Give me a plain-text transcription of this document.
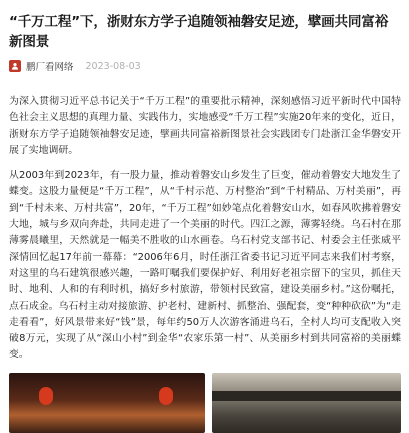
“千万工程”下，浙财东方学子追随领袖磐安足迹，擘画共同富裕新图景
鹏厂看网络 2023-08-03

为深入贯彻习近平总书记关于“千万工程”的重要批示精神，深刻感悟习近平新时代中国特色社会主义思想的真理力量、实践伟力，实地感受“千万工程”实施20年来的变化，近日，浙财东方学子追随领袖磐安足迹，擘画共同富裕新图景社会实践团专门赴浙江金华磐安开展了实地调研。

从2003年到2023年，有一股力量，推动着磐安山乡发生了巨变，催动着磐安大地发生了蝶变。这股力量便是“千万工程”，从“千村示范、万村整治”到“千村精品、万村美丽”，再到“千村未来、万村共富”，20年，“千万工程”如妙笔点化着磐安山水，如春风吹拂着磐安大地，城与乡双向奔赴，共同走进了一个美丽的时代。四江之源，薄雾轻绕。乌石村在那薄雾晨曦里，天然就是一幅美不胜收的山水画卷。乌石村党支部书记、村委会主任张威平深情回忆起17年前一幕幕：“2006年6月，时任浙江省委书记习近平同志来我们村考察，对这里的乌石建筑很感兴趣，一路叮嘱我们要保护好、利用好老祖宗留下的宝贝，抓住天时、地利、人和的有利时机，搞好乡村旅游，带领村民致富，建设美丽乡村。”这份嘱托，点石成金。乌石村主动对接旅游、护老村、建新村、抓整治、强配套，变“种种砍砍”为“走走看看”，好风景带来好“钱”景，每年约50万人次游客涌进乌石，全村人均可支配收入突破8万元，实现了从“深山小村”到金华“农家乐第一村”、从美丽乡村到共同富裕的美丽蝶变。
